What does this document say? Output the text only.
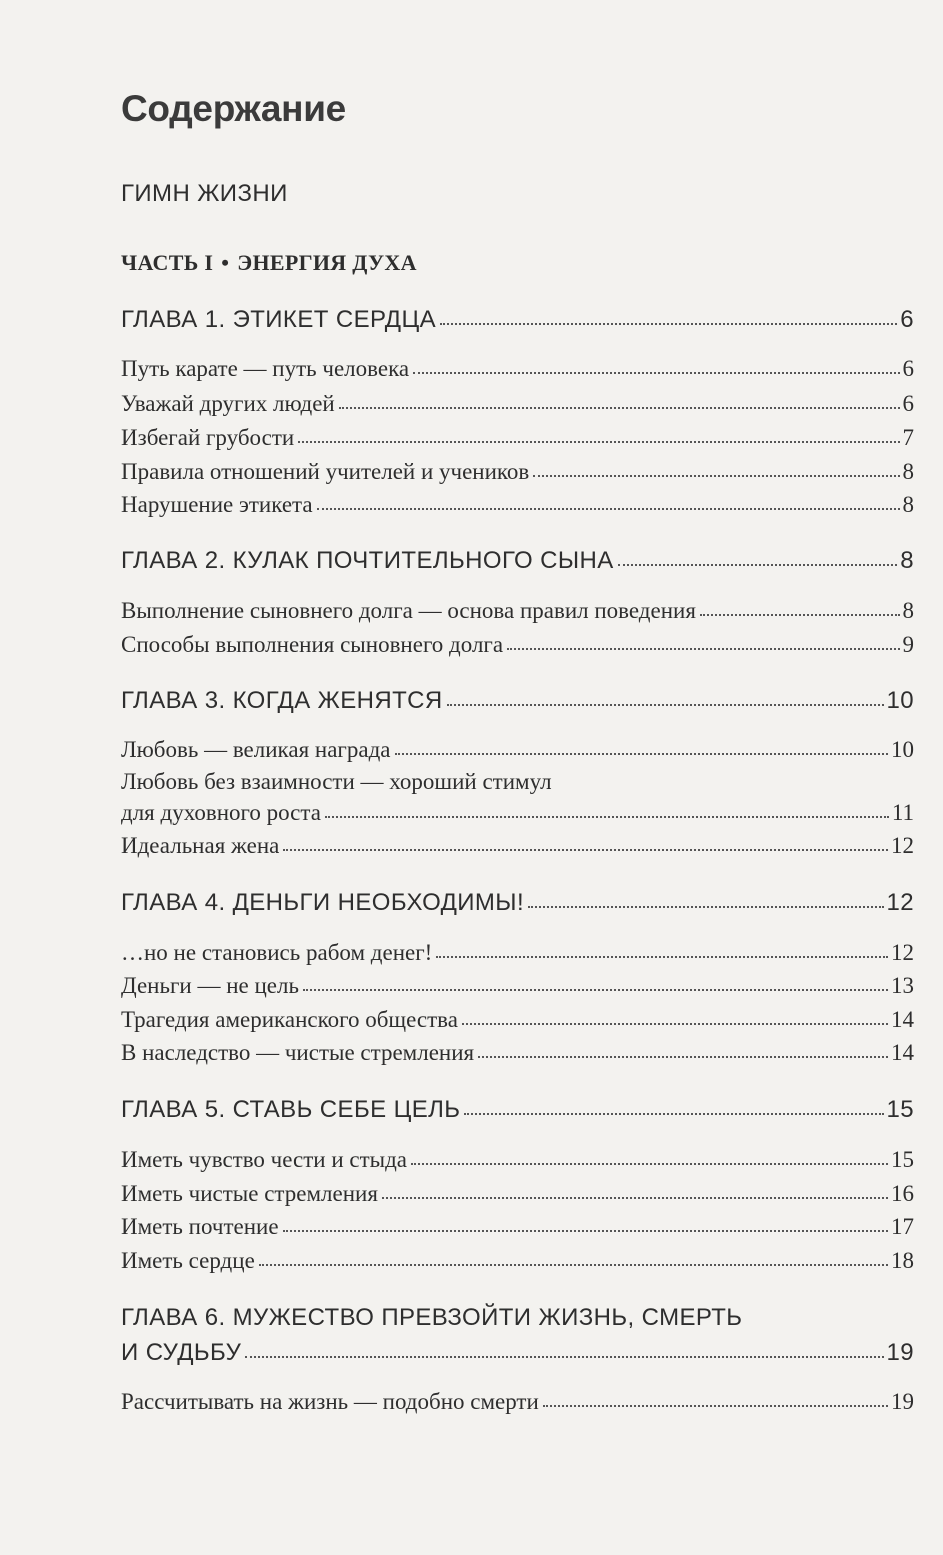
Содержание
ГИМН ЖИЗНИ
ЧАСТЬ I • ЭНЕРГИЯ ДУХА
ГЛАВА 1. ЭТИКЕТ СЕРДЦА	6
Путь карате — путь человека	6
Уважай других людей	6
Избегай грубости	7
Правила отношений учителей и учеников	8
Нарушение этикета	8
ГЛАВА 2. КУЛАК ПОЧТИТЕЛЬНОГО СЫНА	8
Выполнение сыновнего долга — основа правил поведения	8
Способы выполнения сыновнего долга	9
ГЛАВА 3. КОГДА ЖЕНЯТСЯ	10
Любовь — великая награда	10
Любовь без взаимности — хороший стимул
для духовного роста	11
Идеальная жена	12
ГЛАВА 4. ДЕНЬГИ НЕОБХОДИМЫ!	12
…но не становись рабом денег!	12
Деньги — не цель	13
Трагедия американского общества	14
В наследство — чистые стремления	14
ГЛАВА 5. СТАВЬ СЕБЕ ЦЕЛЬ	15
Иметь чувство чести и стыда	15
Иметь чистые стремления	16
Иметь почтение	17
Иметь сердце	18
ГЛАВА 6. МУЖЕСТВО ПРЕВЗОЙТИ ЖИЗНЬ, СМЕРТЬ
И СУДЬБУ	19
Рассчитывать на жизнь — подобно смерти	19
